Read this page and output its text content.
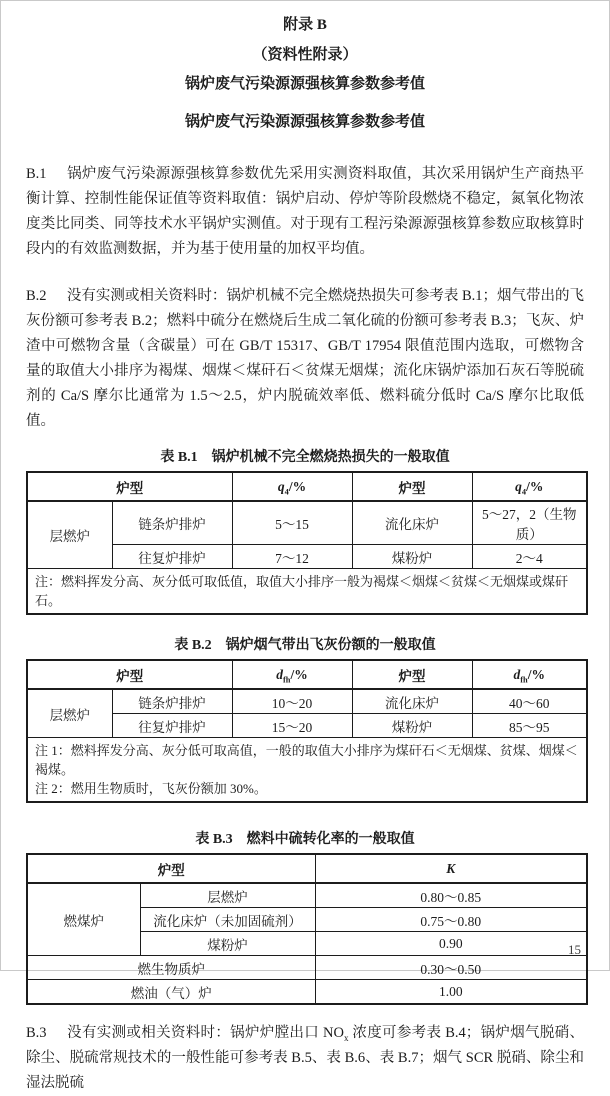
附录 B
（资料性附录）
锅炉废气污染源源强核算参数参考值
锅炉废气污染源源强核算参数参考值

B.1 锅炉废气污染源源强核算参数优先采用实测资料取值，其次采用锅炉生产商热平衡计算、控制性能保证值等资料取值：锅炉启动、停炉等阶段燃烧不稳定，氮氧化物浓度类比同类、同等技术水平锅炉实测值。对于现有工程污染源源强核算参数应取核算时段内的有效监测数据，并为基于使用量的加权平均值。

B.2 没有实测或相关资料时：锅炉机械不完全燃烧热损失可参考表 B.1；烟气带出的飞灰份额可参考表 B.2；燃料中硫分在燃烧后生成二氧化硫的份额可参考表 B.3；飞灰、炉渣中可燃物含量（含碳量）可在 GB/T 15317、GB/T 17954 限值范围内选取，可燃物含量的取值大小排序为褐煤、烟煤＜煤矸石＜贫煤无烟煤；流化床锅炉添加石灰石等脱硫剂的 Ca/S 摩尔比通常为 1.5～2.5，炉内脱硫效率低、燃料硫分低时 Ca/S 摩尔比取低值。

表 B.1 锅炉机械不完全燃烧热损失的一般取值
炉型		$q_4/\%$	炉型	$q_4/\%$
层燃炉	链条炉排炉	5～15	流化床炉	5～27，2（生物质）
	往复炉排炉	7～12	煤粉炉	2～4
注：燃料挥发分高、灰分低可取低值，取值大小排序一般为褐煤＜烟煤＜贫煤＜无烟煤或煤矸石。				
表 B.2 锅炉烟气带出飞灰份额的一般取值
炉型		$d_{fh}/\%$	炉型	$d_{fh}/\%$
层燃炉	链条炉排炉	10～20	流化床炉	40～60
	往复炉排炉	15～20	煤粉炉	85～95

注 1：燃料挥发分高、灰分低可取高值，一般的取值大小排序为煤矸石＜无烟煤、贫煤、烟煤＜褐煤。
注 2：燃用生物质时，飞灰份额加 30%。				
表 B.3 燃料中硫转化率的一般取值
炉型		K
燃煤炉	层燃炉	0.80～0.85
	流化床炉（未加固硫剂）	0.75～0.80
	煤粉炉	0.90
燃生物质炉		0.30～0.50
燃油（气）炉		1.00

B.3 没有实测或相关资料时：锅炉炉膛出口 $NO_x$ 浓度可参考表 B.4；锅炉烟气脱硝、除尘、脱硫常规技术的一般性能可参考表 B.5、表 B.6、表 B.7；烟气 SCR 脱硝、除尘和湿法脱硫

15
